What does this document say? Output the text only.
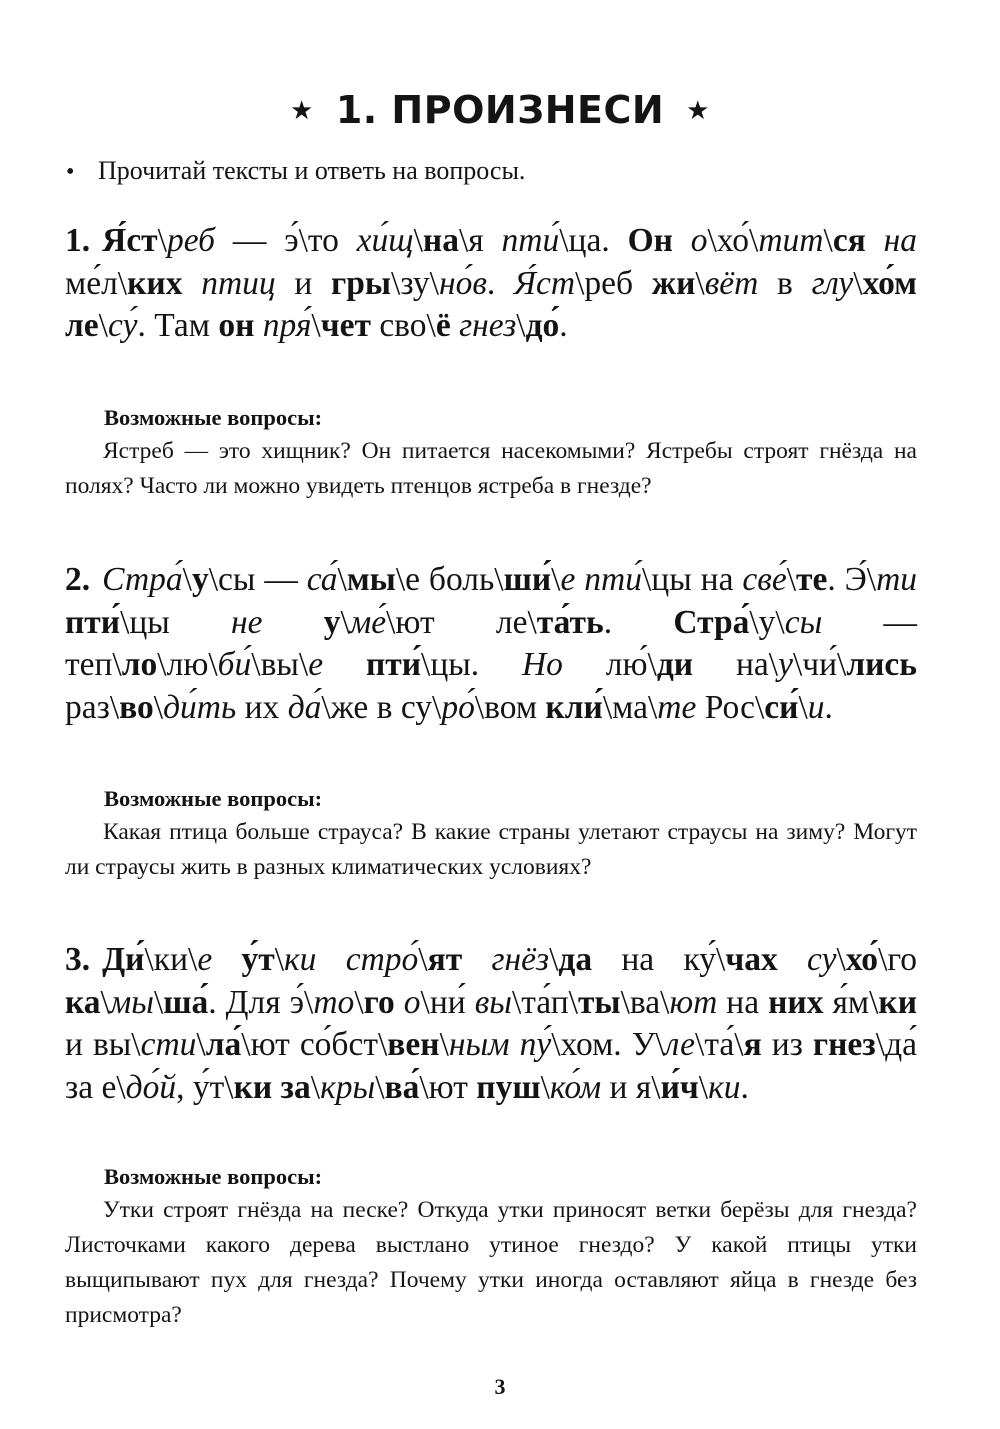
★ 1. ПРОИЗНЕСИ ★
• Прочитай тексты и ответь на вопросы.
1. Я́ст\реб — э́\то хи́щ\на\я пти́\ца. Он о\хо́\тит\ся на ме́л\ких птиц и гры\зу\но́в. Я́ст\реб жи\вёт в глу\хо́м ле\су́. Там он пря́\чет сво\ё гнез\до́.
Возможные вопросы:
Ястреб — это хищник? Он питается насекомыми? Ястребы строят гнёзда на полях? Часто ли можно увидеть птенцов ястреба в гнезде?
2. Стра́\у\сы — са́\мы\е боль\ши́\е пти́\цы на све́\те. Э́\ти пти́\цы не у\ме́\ют ле\та́ть. Стра́\у\сы — теп\ло\лю\би́\вы\е пти́\цы. Но лю́\ди на\у\чи́\лись раз\во\ди́ть их да́\же в су\ро́\вом кли́\ма\те Рос\си́\и.
Возможные вопросы:
Какая птица больше страуса? В какие страны улетают страусы на зиму? Могут ли страусы жить в разных климатических условиях?
3. Ди́\ки\е у́т\ки стро́\ят гнёз\да на ку́\чах су\хо́\го ка\мы\ша́. Для э́\то\го о\ни́ вы\та́п\ты\ва\ют на них я́м\ки и вы\сти\ла́\ют со́бст\вен\ным пу́\хом. У\ле\та́\я из гнез\да́ за е\до́й, у́т\ки за\кры\ва́\ют пуш\ко́м и я\и́ч\ки.
Возможные вопросы:
Утки строят гнёзда на песке? Откуда утки приносят ветки берёзы для гнезда? Листочками какого дерева выстлано утиное гнездо? У какой птицы утки выщипывают пух для гнезда? Почему утки иногда оставляют яйца в гнезде без присмотра?
3
